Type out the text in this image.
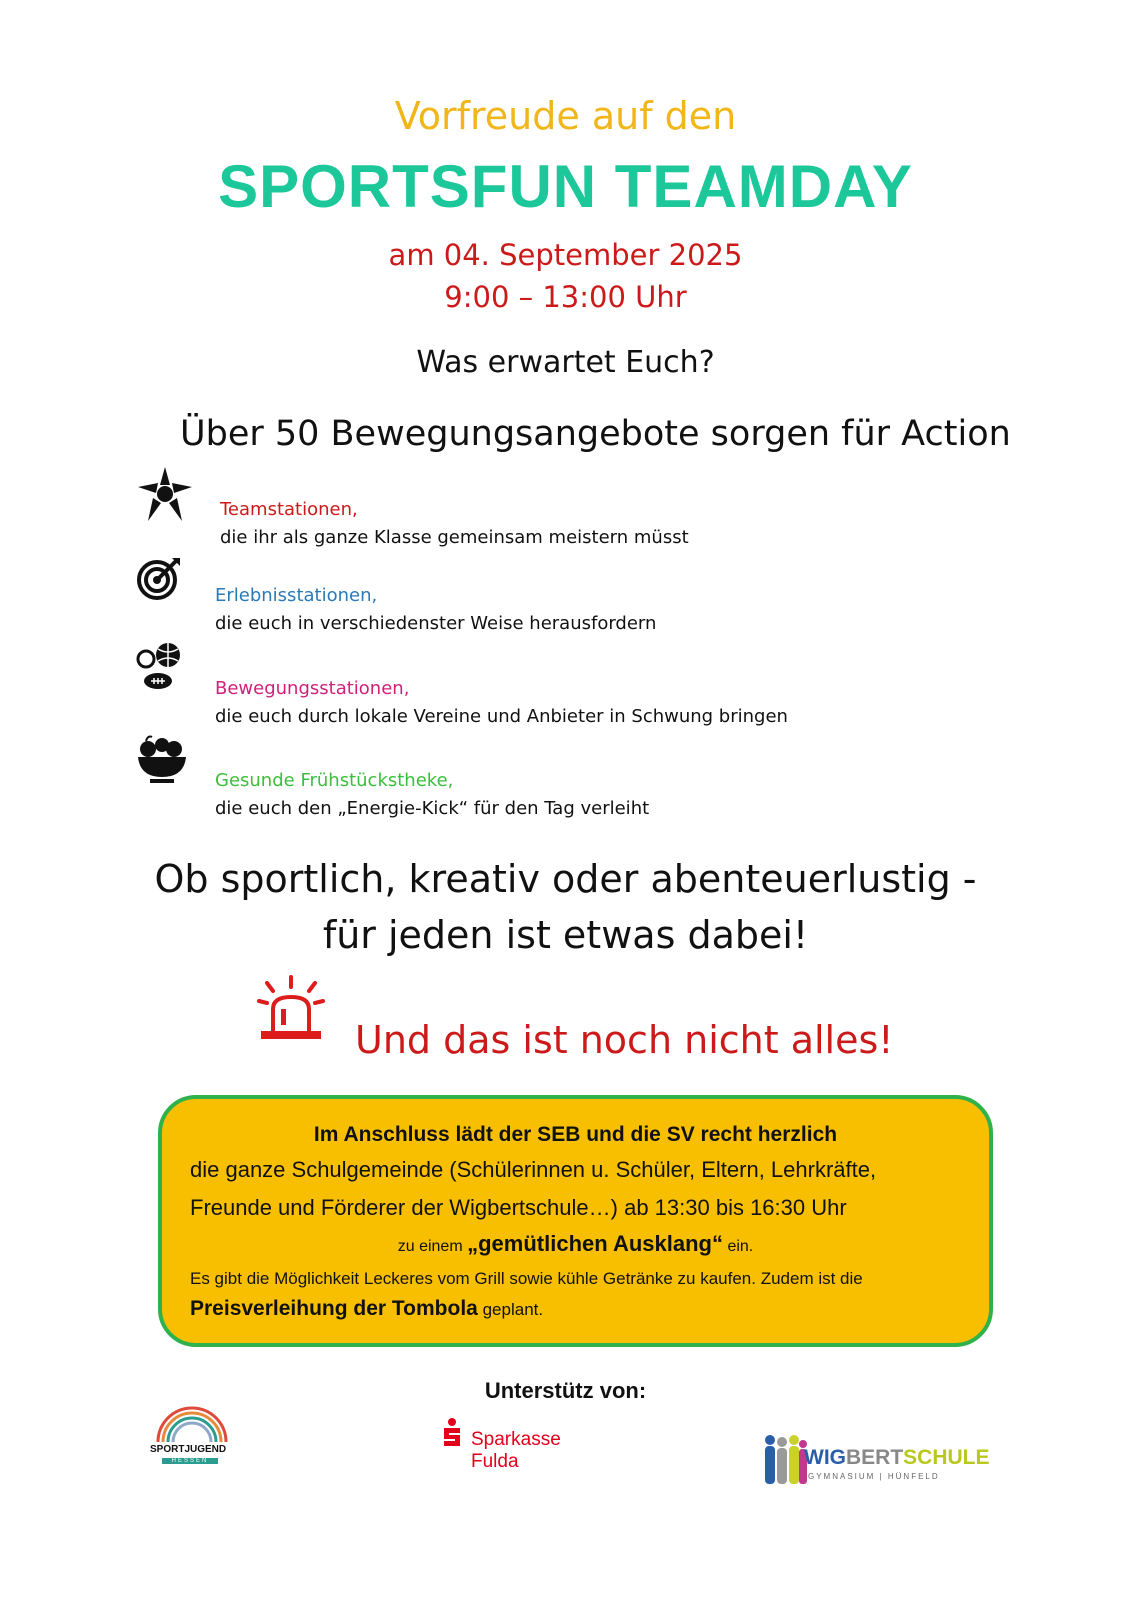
Vorfreude auf den
SPORTSFUN TEAMDAY
am 04. September 2025
9:00 – 13:00 Uhr
Was erwartet Euch?
Über 50 Bewegungsangebote sorgen für Action
Teamstationen,
die ihr als ganze Klasse gemeinsam meistern müsst
Erlebnisstationen,
die euch in verschiedenster Weise herausfordern
Bewegungsstationen,
die euch durch lokale Vereine und Anbieter in Schwung bringen
Gesunde Frühstückstheke,
die euch den „Energie-Kick“ für den Tag verleiht
Ob sportlich, kreativ oder abenteuerlustig -
für jeden ist etwas dabei!
Und das ist noch nicht alles!
Im Anschluss lädt der SEB und die SV recht herzlich
die ganze Schulgemeinde (Schülerinnen u. Schüler, Eltern, Lehrkräfte,
Freunde und Förderer der Wigbertschule…) ab 13:30 bis 16:30 Uhr
zu einem „gemütlichen Ausklang“ ein.
Es gibt die Möglichkeit Leckeres vom Grill sowie kühle Getränke zu kaufen. Zudem ist die
Preisverleihung der Tombola geplant.
Unterstütz von:
SPORTJUGEND
HESSEN
Sparkasse
Fulda	WIGBERTSCHULE
GYMNASIUM | HÜNFELD
